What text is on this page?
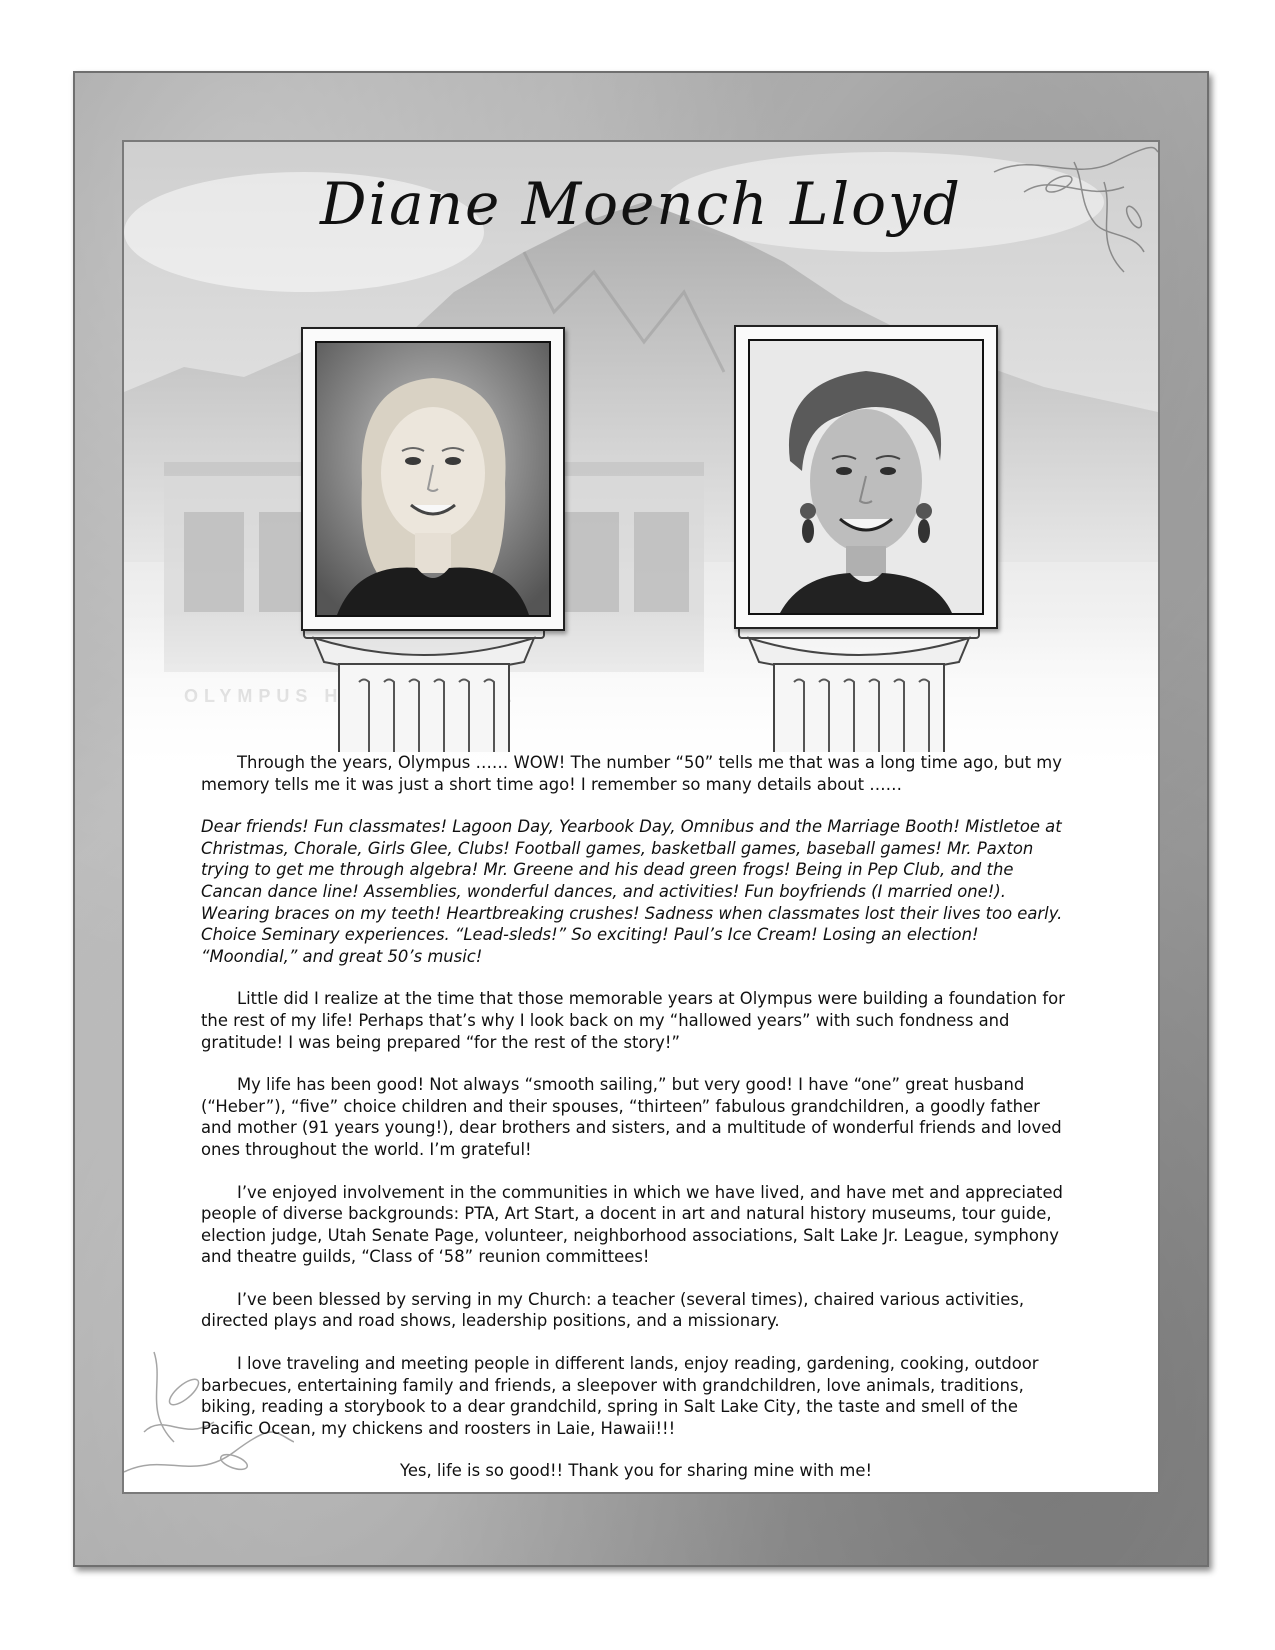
Diane Moench Lloyd

Through the years, Olympus …… WOW! The number “50” tells me that was a long time ago, but my memory tells me it was just a short time ago! I remember so many details about ……

Dear friends! Fun classmates! Lagoon Day, Yearbook Day, Omnibus and the Marriage Booth! Mistletoe at Christmas, Chorale, Girls Glee, Clubs! Football games, basketball games, baseball games! Mr. Paxton trying to get me through algebra! Mr. Greene and his dead green frogs! Being in Pep Club, and the Cancan dance line! Assemblies, wonderful dances, and activities! Fun boyfriends (I married one!). Wearing braces on my teeth! Heartbreaking crushes! Sadness when classmates lost their lives too early. Choice Seminary experiences. “Lead-sleds!” So exciting! Paul’s Ice Cream! Losing an election! “Moondial,” and great 50’s music!

Little did I realize at the time that those memorable years at Olympus were building a foundation for the rest of my life! Perhaps that’s why I look back on my “hallowed years” with such fondness and gratitude! I was being prepared “for the rest of the story!”

My life has been good! Not always “smooth sailing,” but very good! I have “one” great husband (“Heber”), “five” choice children and their spouses, “thirteen” fabulous grandchildren, a goodly father and mother (91 years young!), dear brothers and sisters, and a multitude of wonderful friends and loved ones throughout the world. I’m grateful!

I’ve enjoyed involvement in the communities in which we have lived, and have met and appreciated people of diverse backgrounds: PTA, Art Start, a docent in art and natural history museums, tour guide, election judge, Utah Senate Page, volunteer, neighborhood associations, Salt Lake Jr. League, symphony and theatre guilds, “Class of ‘58” reunion committees!

I’ve been blessed by serving in my Church: a teacher (several times), chaired various activities, directed plays and road shows, leadership positions, and a missionary.

I love traveling and meeting people in different lands, enjoy reading, gardening, cooking, outdoor barbecues, entertaining family and friends, a sleepover with grandchildren, love animals, traditions, biking, reading a storybook to a dear grandchild, spring in Salt Lake City, the taste and smell of the Pacific Ocean, my chickens and roosters in Laie, Hawaii!!!

Yes, life is so good!! Thank you for sharing mine with me!
